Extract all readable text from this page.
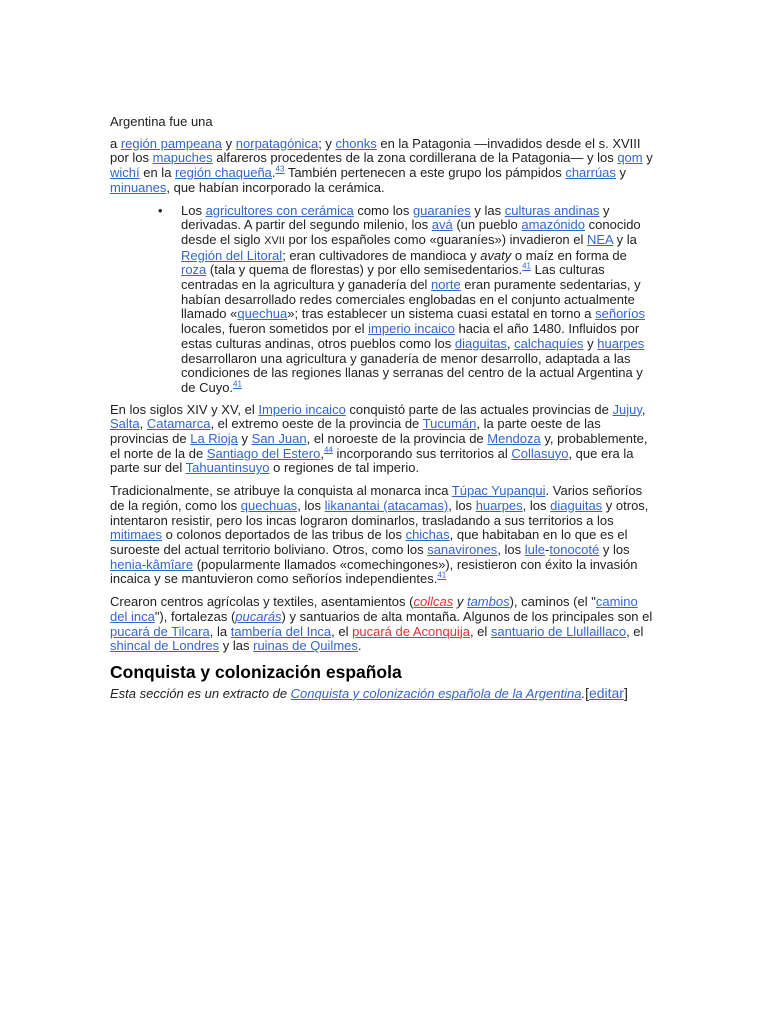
Argentina fue una

a región pampeana y norpatagónica; y chonks en la Patagonia —invadidos desde el s. XVIII por los mapuches alfareros procedentes de la zona cordillerana de la Patagonia— y los qom y wichí en la región chaqueña.$^{43}$ También pertenecen a este grupo los pámpidos charrúas y minuanes, que habían incorporado la cerámica.

• Los agricultores con cerámica como los guaraníes y las culturas andinas y derivadas. A partir del segundo milenio, los avá (un pueblo amazónido conocido desde el siglo XVII por los españoles como «guaraníes») invadieron el NEA y la Región del Litoral; eran cultivadores de mandioca y avaty o maíz en forma de roza (tala y quema de florestas) y por ello semisedentarios.$^{41}$ Las culturas centradas en la agricultura y ganadería del norte eran puramente sedentarias, y habían desarrollado redes comerciales englobadas en el conjunto actualmente llamado «quechua»; tras establecer un sistema cuasi estatal en torno a señoríos locales, fueron sometidos por el imperio incaico hacia el año 1480. Influidos por estas culturas andinas, otros pueblos como los diaguitas, calchaquíes y huarpes desarrollaron una agricultura y ganadería de menor desarrollo, adaptada a las condiciones de las regiones llanas y serranas del centro de la actual Argentina y de Cuyo.$^{41}$

En los siglos XIV y XV, el Imperio incaico conquistó parte de las actuales provincias de Jujuy, Salta, Catamarca, el extremo oeste de la provincia de Tucumán, la parte oeste de las provincias de La Rioja y San Juan, el noroeste de la provincia de Mendoza y, probablemente, el norte de la de Santiago del Estero,$^{44}$ incorporando sus territorios al Collasuyo, que era la parte sur del Tahuantinsuyo o regiones de tal imperio.

Tradicionalmente, se atribuye la conquista al monarca inca Túpac Yupanqui. Varios señoríos de la región, como los quechuas, los likanantai (atacamas), los huarpes, los diaguitas y otros, intentaron resistir, pero los incas lograron dominarlos, trasladando a sus territorios a los mitimaes o colonos deportados de las tribus de los chichas, que habitaban en lo que es el suroeste del actual territorio boliviano. Otros, como los sanavirones, los lule-tonocoté y los henia-kâmîare (popularmente llamados «comechingones»), resistieron con éxito la invasión incaica y se mantuvieron como señoríos independientes.$^{41}$

Crearon centros agrícolas y textiles, asentamientos (collcas y tambos), caminos (el "camino del inca"), fortalezas (pucarás) y santuarios de alta montaña. Algunos de los principales son el pucará de Tilcara, la tambería del Inca, el pucará de Aconquija, el santuario de Llullaillaco, el shincal de Londres y las ruinas de Quilmes.

Conquista y colonización española

Esta sección es un extracto de Conquista y colonización española de la Argentina.[editar]
